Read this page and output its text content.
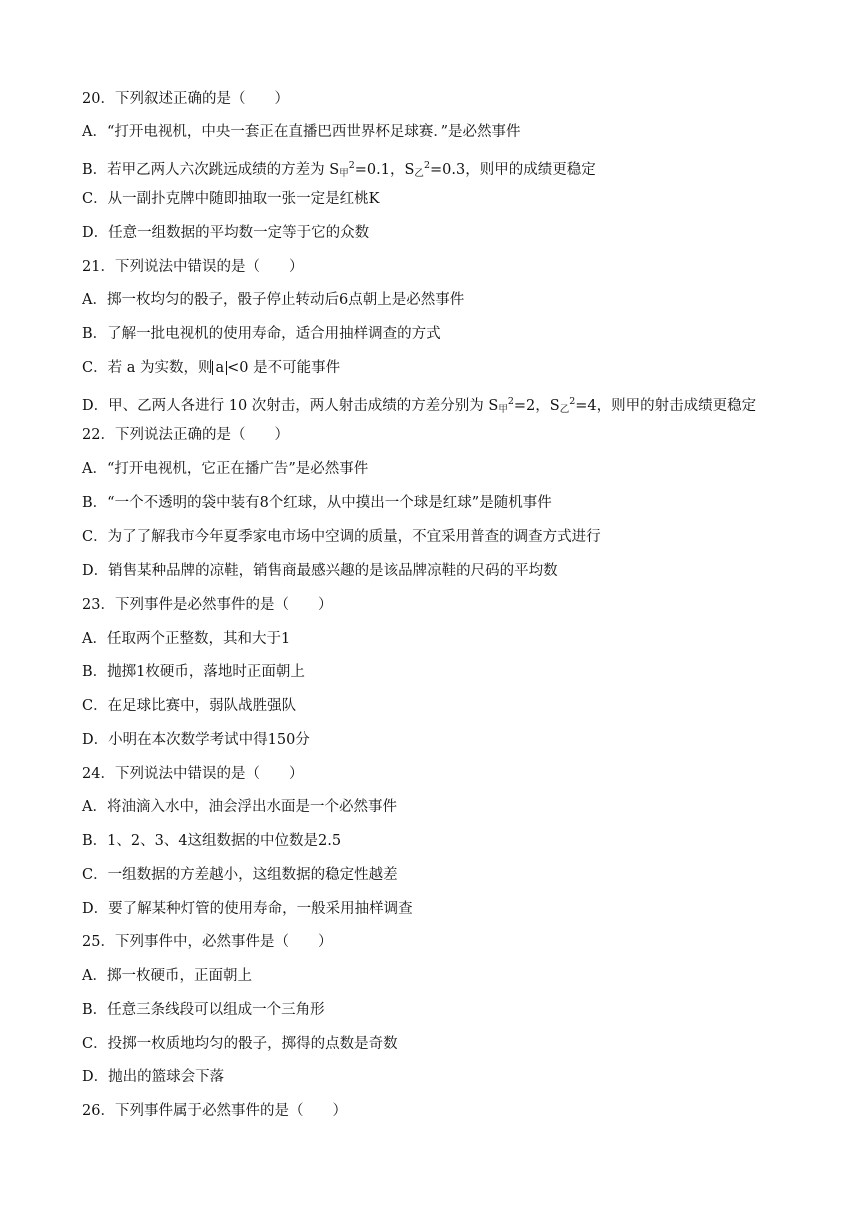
20．下列叙述正确的是（　　）
A．“打开电视机，中央一套正在直播巴西世界杯足球赛．”是必然事件
B．若甲乙两人六次跳远成绩的方差为 $S_甲^2=0.1$，$S_乙^2=0.3$，则甲的成绩更稳定
C．从一副扑克牌中随即抽取一张一定是红桃K
D．任意一组数据的平均数一定等于它的众数
21．下列说法中错误的是（　　）
A．掷一枚均匀的骰子，骰子停止转动后6点朝上是必然事件
B．了解一批电视机的使用寿命，适合用抽样调查的方式
C．若 a 为实数，则 a <0 是不可能事件
D．甲、乙两人各进行 10 次射击，两人射击成绩的方差分别为 $S_甲^2=2$，$S_乙^2=4$，则甲的射击成绩更稳定
22．下列说法正确的是（　　）
A．“打开电视机，它正在播广告”是必然事件
B．“一个不透明的袋中装有8个红球，从中摸出一个球是红球”是随机事件
C．为了了解我市今年夏季家电市场中空调的质量，不宜采用普查的调查方式进行
D．销售某种品牌的凉鞋，销售商最感兴趣的是该品牌凉鞋的尺码的平均数
23．下列事件是必然事件的是（　　）
A．任取两个正整数，其和大于1
B．抛掷1枚硬币，落地时正面朝上
C．在足球比赛中，弱队战胜强队
D．小明在本次数学考试中得150分
24．下列说法中错误的是（　　）
A．将油滴入水中，油会浮出水面是一个必然事件
B．1、2、3、4这组数据的中位数是2.5
C．一组数据的方差越小，这组数据的稳定性越差
D．要了解某种灯管的使用寿命，一般采用抽样调查
25．下列事件中，必然事件是（　　）
A．掷一枚硬币，正面朝上
B．任意三条线段可以组成一个三角形
C．投掷一枚质地均匀的骰子，掷得的点数是奇数
D．抛出的篮球会下落
26．下列事件属于必然事件的是（　　）
